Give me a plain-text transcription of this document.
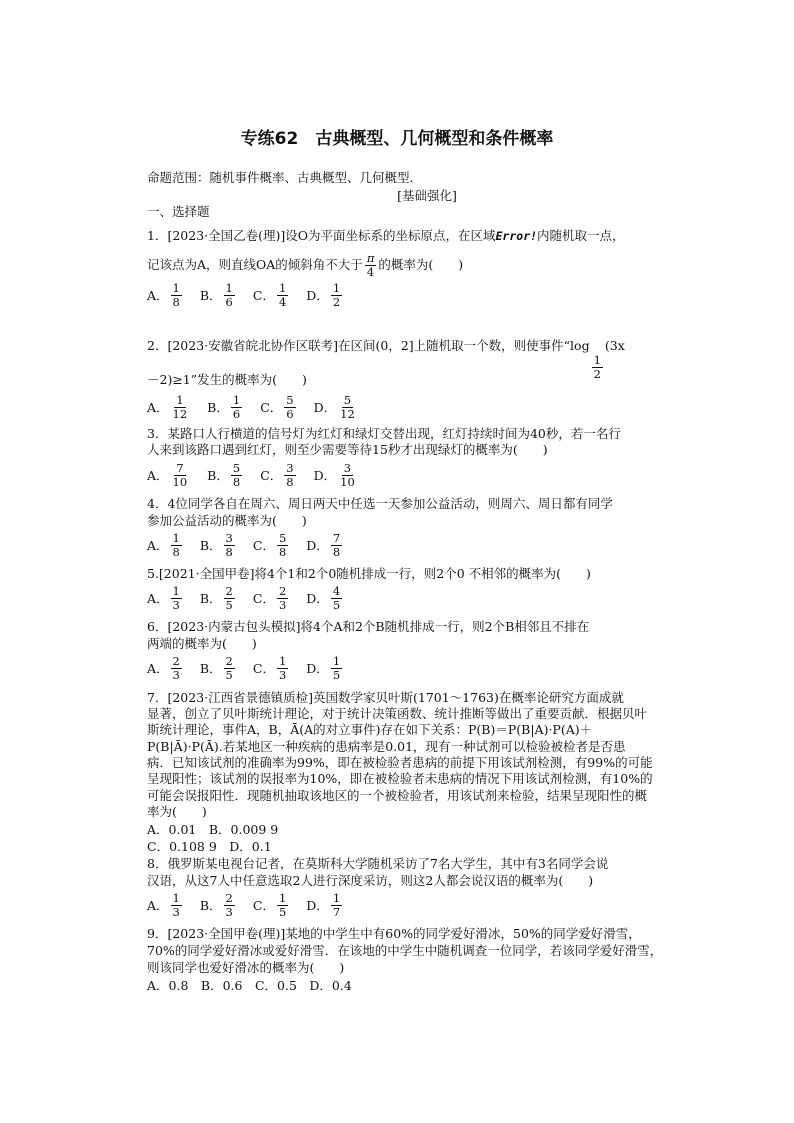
专练62　古典概型、几何概型和条件概率
命题范围：随机事件概率、古典概型、几何概型．
[基础强化]
一、选择题
1．[2023·全国乙卷(理)]设O为平面坐标系的坐标原点，在区域Error!内随机取一点，
记该点为A，则直线OA的倾斜角不大于 $\frac{\pi}{4}$ 的概率为(　　)
A． $\frac{1}{8}$ B． $\frac{1}{6}$ C． $\frac{1}{4}$ D． $\frac{1}{2}$
2．[2023·安徽省皖北协作区联考]在区间(0，2]上随机取一个数，则使事件“log
$\frac{1}{2}$
(3x
－2)≥1”发生的概率为(　　)
A． $\frac{1}{12}$ B． $\frac{1}{6}$ C． $\frac{5}{6}$ D． $\frac{5}{12}$
3．某路口人行横道的信号灯为红灯和绿灯交替出现，红灯持续时间为40秒，若一名行
人来到该路口遇到红灯，则至少需要等待15秒才出现绿灯的概率为(　　)
A． $\frac{7}{10}$ B． $\frac{5}{8}$ C． $\frac{3}{8}$ D． $\frac{3}{10}$
4．4位同学各自在周六、周日两天中任选一天参加公益活动，则周六、周日都有同学
参加公益活动的概率为(　　)
A． $\frac{1}{8}$ B． $\frac{3}{8}$ C． $\frac{5}{8}$ D． $\frac{7}{8}$
5.[2021·全国甲卷]将4个1和2个0随机排成一行，则2个0 不相邻的概率为(　　)
A． $\frac{1}{3}$ B． $\frac{2}{5}$ C． $\frac{2}{3}$ D． $\frac{4}{5}$
6．[2023·内蒙古包头模拟]将4个A和2个B随机排成一行，则2个B相邻且不排在
两端的概率为(　　)
A． $\frac{2}{3}$ B． $\frac{2}{5}$ C． $\frac{1}{3}$ D． $\frac{1}{5}$
7．[2023·江西省景德镇质检]英国数学家贝叶斯(1701～1763)在概率论研究方面成就
显著，创立了贝叶斯统计理论，对于统计决策函数、统计推断等做出了重要贡献．根据贝叶
斯统计理论，事件A，B，Ā(A的对立事件)存在如下关系：P(B)＝P(B|A)·P(A)＋
P(B|Ā)·P(Ā).若某地区一种疾病的患病率是0.01，现有一种试剂可以检验被检者是否患
病．已知该试剂的准确率为99%，即在被检验者患病的前提下用该试剂检测，有99%的可能
呈现阳性；该试剂的误报率为10%，即在被检验者未患病的情况下用该试剂检测，有10%的
可能会误报阳性．现随机抽取该地区的一个被检验者，用该试剂来检验，结果呈现阳性的概
率为(　　)
A．0.01　B．0.009 9
C．0.108 9　D．0.1
8．俄罗斯某电视台记者，在莫斯科大学随机采访了7名大学生，其中有3名同学会说
汉语，从这7人中任意选取2人进行深度采访，则这2人都会说汉语的概率为(　　)
A． $\frac{1}{3}$ B． $\frac{2}{3}$ C． $\frac{1}{5}$ D． $\frac{1}{7}$
9．[2023·全国甲卷(理)]某地的中学生中有60%的同学爱好滑冰，50%的同学爱好滑雪，
70%的同学爱好滑冰或爱好滑雪．在该地的中学生中随机调查一位同学，若该同学爱好滑雪，
则该同学也爱好滑冰的概率为(　　)
A．0.8　B．0.6　C．0.5　D．0.4
